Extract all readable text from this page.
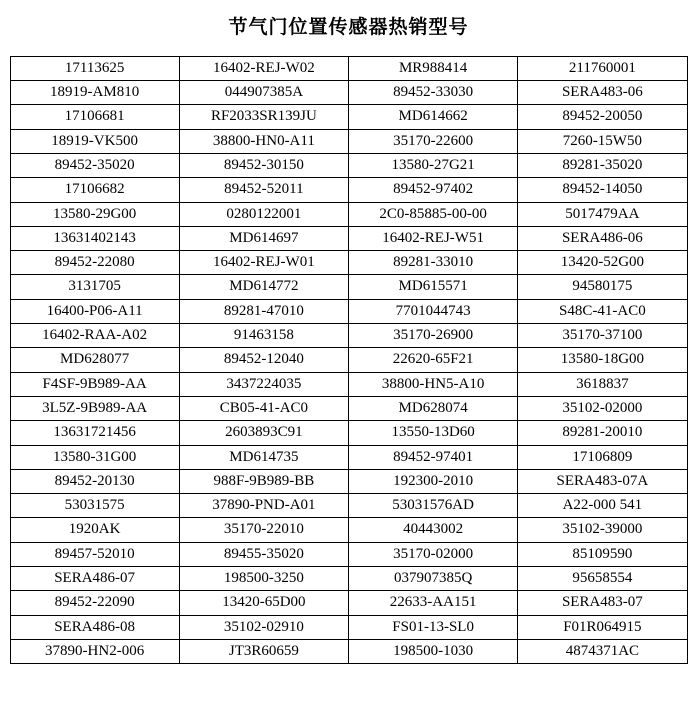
节气门位置传感器热销型号
17113625	16402-REJ-W02	MR988414	211760001
18919-AM810	044907385A	89452-33030	SERA483-06
17106681	RF2033SR139JU	MD614662	89452-20050
18919-VK500	38800-HN0-A11	35170-22600	7260-15W50
89452-35020	89452-30150	13580-27G21	89281-35020
17106682	89452-52011	89452-97402	89452-14050
13580-29G00	0280122001	2C0-85885-00-00	5017479AA
13631402143	MD614697	16402-REJ-W51	SERA486-06
89452-22080	16402-REJ-W01	89281-33010	13420-52G00
3131705	MD614772	MD615571	94580175
16400-P06-A11	89281-47010	7701044743	S48C-41-AC0
16402-RAA-A02	91463158	35170-26900	35170-37100
MD628077	89452-12040	22620-65F21	13580-18G00
F4SF-9B989-AA	3437224035	38800-HN5-A10	3618837
3L5Z-9B989-AA	CB05-41-AC0	MD628074	35102-02000
13631721456	2603893C91	13550-13D60	89281-20010
13580-31G00	MD614735	89452-97401	17106809
89452-20130	988F-9B989-BB	192300-2010	SERA483-07A
53031575	37890-PND-A01	53031576AD	A22-000 541
1920AK	35170-22010	40443002	35102-39000
89457-52010	89455-35020	35170-02000	85109590
SERA486-07	198500-3250	037907385Q	95658554
89452-22090	13420-65D00	22633-AA151	SERA483-07
SERA486-08	35102-02910	FS01-13-SL0	F01R064915
37890-HN2-006	JT3R60659	198500-1030	4874371AC
